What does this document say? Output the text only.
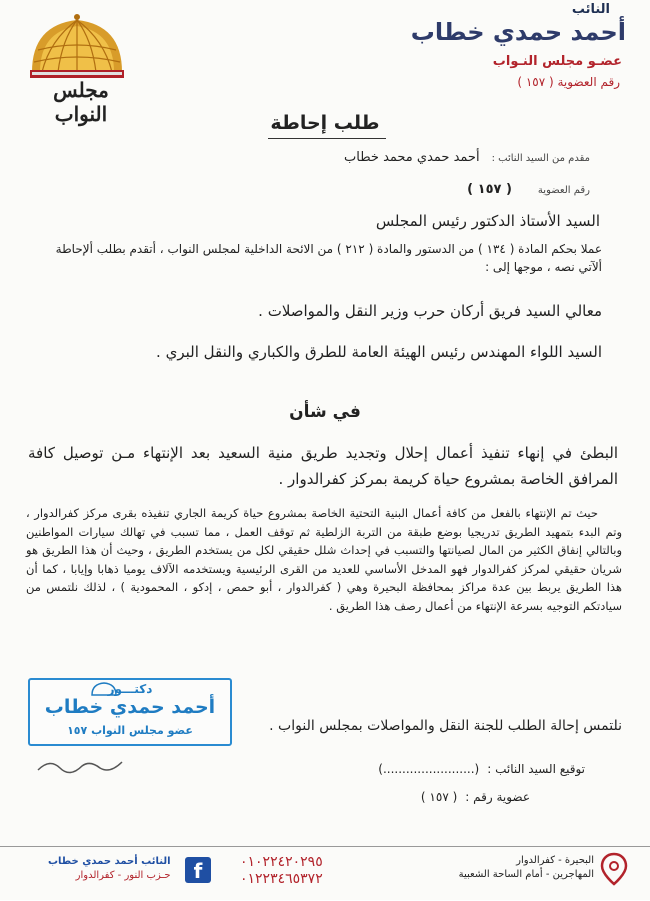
مجلس النواب
النائب
أحمد حمدي خطاب
عضـو مجلس النـواب
رقم العضوية ( ١٥٧ )
طلب إحاطة
مقدم من السيد النائب :
أحمد حمدي محمد خطاب
رقم العضوية
( ١٥٧ )
السيد الأستاذ الدكتور رئيس المجلس
عملا بحكم المادة ( ١٣٤ ) من الدستور والمادة ( ٢١٢ ) من الائحة الداخلية لمجلس النواب ، أتقدم بطلب ألإحاطة ألآتي نصه ، موجها إلى :
معالي السيد فريق أركان حرب وزير النقل والمواصلات .
السيد اللواء المهندس رئيس الهيئة العامة للطرق والكباري والنقل البري .
في شأن
البطئ في إنهاء تنفيذ أعمال إحلال وتجديد طريق منية السعيد بعد الإنتهاء مـن توصيل كافة المرافق الخاصة بمشروع حياة كريمة بمركز كفرالدوار .
حيث تم الإنتهاء بالفعل من كافة أعمال البنية التحتية الخاصة بمشروع حياة كريمة الجاري تنفيذه بقرى مركز كفرالدوار ، وتم البدء بتمهيد الطريق تدريجيا بوضع طبقة من التربة الزلطية ثم توقف العمل ، مما تسبب في تهالك سيارات المواطنين وبالتالي إنفاق الكثير من المال لصيانتها والتسبب في إحداث شلل حقيقي لكل من يستخدم الطريق ، وحيث أن هذا الطريق هو شريان حقيقي لمركز كفرالدوار فهو المدخل الأساسي للعديد من القرى الرئيسية ويستخدمه الآلاف يوميا ذهابا وإيابا ، كما أن هذا الطريق يربط بين عدة مراكز بمحافظة البحيرة وهي ( كفرالدوار ، أبو حمص ، إدكو ، المحمودية ) ، لذلك نلتمس من سيادتكم التوجيه بسرعة الإنتهاء من أعمال رصف هذا الطريق .
دكتـــور
أحمد حمدي خطاب
عضو مجلس النواب ١٥٧	نلتمس إحالة الطلب للجنة النقل والمواصلات بمجلس النواب .
توقيع السيد النائب :
(........................)
عضوية رقم :
( ١٥٧ )
البحيرة - كفرالدوار
المهاجرين - أمام الساحة الشعبية
٠١٠٢٢٤٢٠٢٩٥
٠١٢٢٣٤٦٥٣٧٢
f
النائب أحمد حمدي خطاب
حـزب النور - كفرالدوار
